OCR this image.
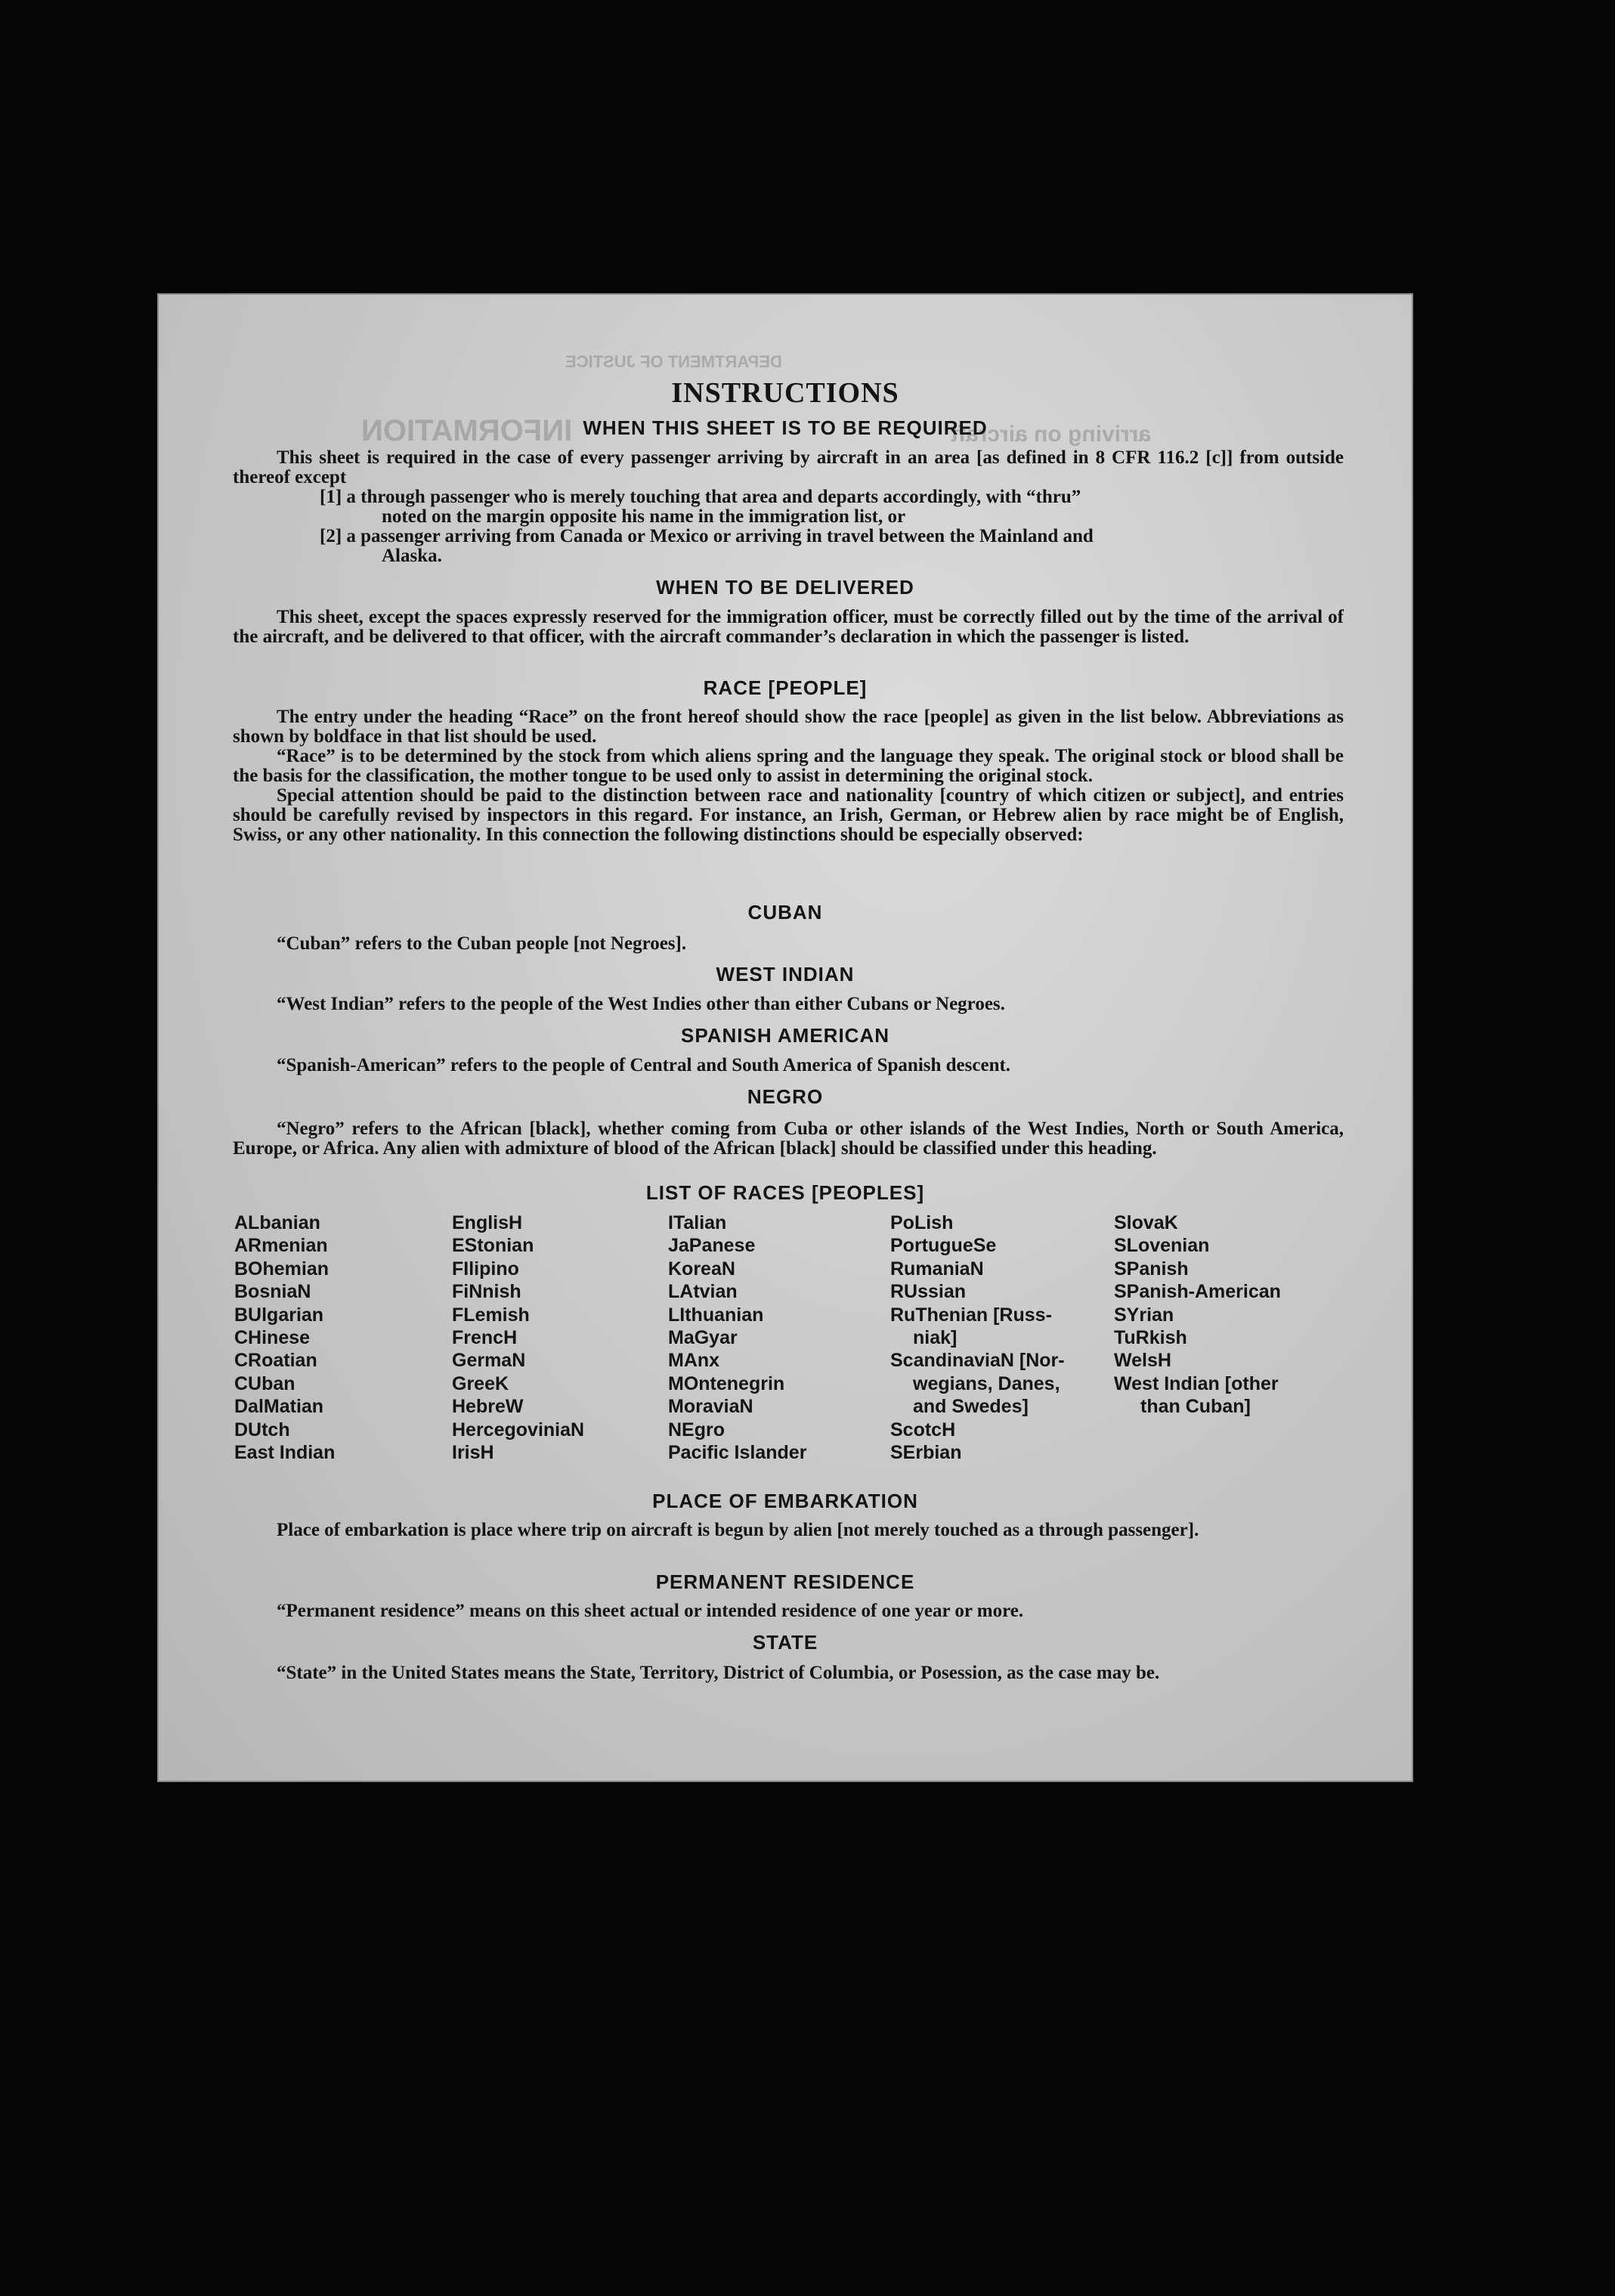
DEPARTMENT OF JUSTICE
INFORMATION	arriving on aircraft
INSTRUCTIONS
WHEN THIS SHEET IS TO BE REQUIRED

This sheet is required in the case of every passenger arriving by aircraft in an area [as defined in 8 CFR 116.2 [c]] from outside thereof except

[1] a through passenger who is merely touching that area and departs accordingly, with “thru”
noted on the margin opposite his name in the immigration list, or
[2] a passenger arriving from Canada or Mexico or arriving in travel between the Mainland and
Alaska.
WHEN TO BE DELIVERED

This sheet, except the spaces expressly reserved for the immigration officer, must be correctly filled out by the time of the arrival of the aircraft, and be delivered to that officer, with the aircraft commander’s declaration in which the passenger is listed.

RACE [PEOPLE]

The entry under the heading “Race” on the front hereof should show the race [people] as given in the list below. Abbreviations as shown by boldface in that list should be used.

“Race” is to be determined by the stock from which aliens spring and the language they speak. The original stock or blood shall be the basis for the classification, the mother tongue to be used only to assist in determining the original stock.

Special attention should be paid to the distinction between race and nationality [country of which citizen or subject], and entries should be carefully revised by inspectors in this regard. For instance, an Irish, German, or Hebrew alien by race might be of English, Swiss, or any other nationality. In this connection the following distinctions should be especially observed:

CUBAN

“Cuban” refers to the Cuban people [not Negroes].

WEST INDIAN

“West Indian” refers to the people of the West Indies other than either Cubans or Negroes.

SPANISH AMERICAN

“Spanish-American” refers to the people of Central and South America of Spanish descent.

NEGRO

“Negro” refers to the African [black], whether coming from Cuba or other islands of the West Indies, North or South America, Europe, or Africa. Any alien with admixture of blood of the African [black] should be classified under this heading.

LIST OF RACES [PEOPLES]
ALbanian
ARmenian
BOhemian
BosniaN
BUlgarian
CHinese
CRoatian
CUban
DalMatian
DUtch
East Indian
EnglisH
EStonian
FIlipino
FiNnish
FLemish
FrencH
GermaN
GreeK
HebreW
HercegoviniaN
IrisH
ITalian
JaPanese
KoreaN
LAtvian
LIthuanian
MaGyar
MAnx
MOntenegrin
MoraviaN
NEgro
Pacific Islander
PoLish
PortugueSe
RumaniaN
RUssian
RuThenian [Russ-
niak]
ScandinaviaN [Nor-
wegians, Danes,
and Swedes]
ScotcH
SErbian
SlovaK
SLovenian
SPanish
SPanish-American
SYrian
TuRkish
WelsH
West Indian [other
than Cuban]
PLACE OF EMBARKATION

Place of embarkation is place where trip on aircraft is begun by alien [not merely touched as a through passenger].

PERMANENT RESIDENCE

“Permanent residence” means on this sheet actual or intended residence of one year or more.

STATE

“State” in the United States means the State, Territory, District of Columbia, or Posession, as the case may be.
